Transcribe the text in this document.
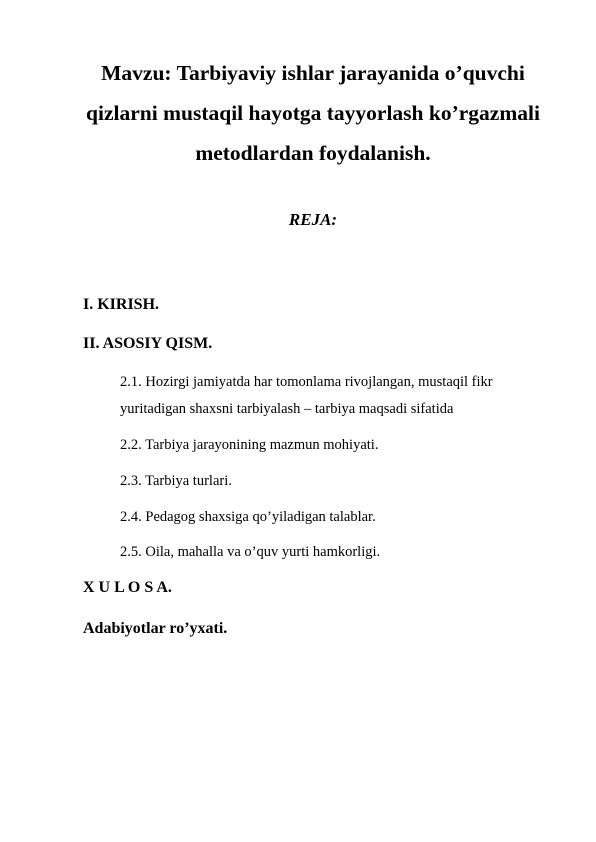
Mavzu: Tarbiyaviy ishlar jarayanida o’quvchi
qizlarni mustaqil hayotga tayyorlash ko’rgazmali
metodlardan foydalanish.
REJA:
I. KIRISH.
II. ASOSIY QISM.
2.1. Hozirgi jamiyatda har tomonlama rivojlangan, mustaqil fikr
yuritadigan shaxsni tarbiyalash – tarbiya maqsadi sifatida
2.2. Tarbiya jarayonining mazmun mohiyati.
2.3. Tarbiya turlari.
2.4. Pedagog shaxsiga qo’yiladigan talablar.
2.5. Oila, mahalla va o’quv yurti hamkorligi.
X U L O S A.
Adabiyotlar ro’yxati.
